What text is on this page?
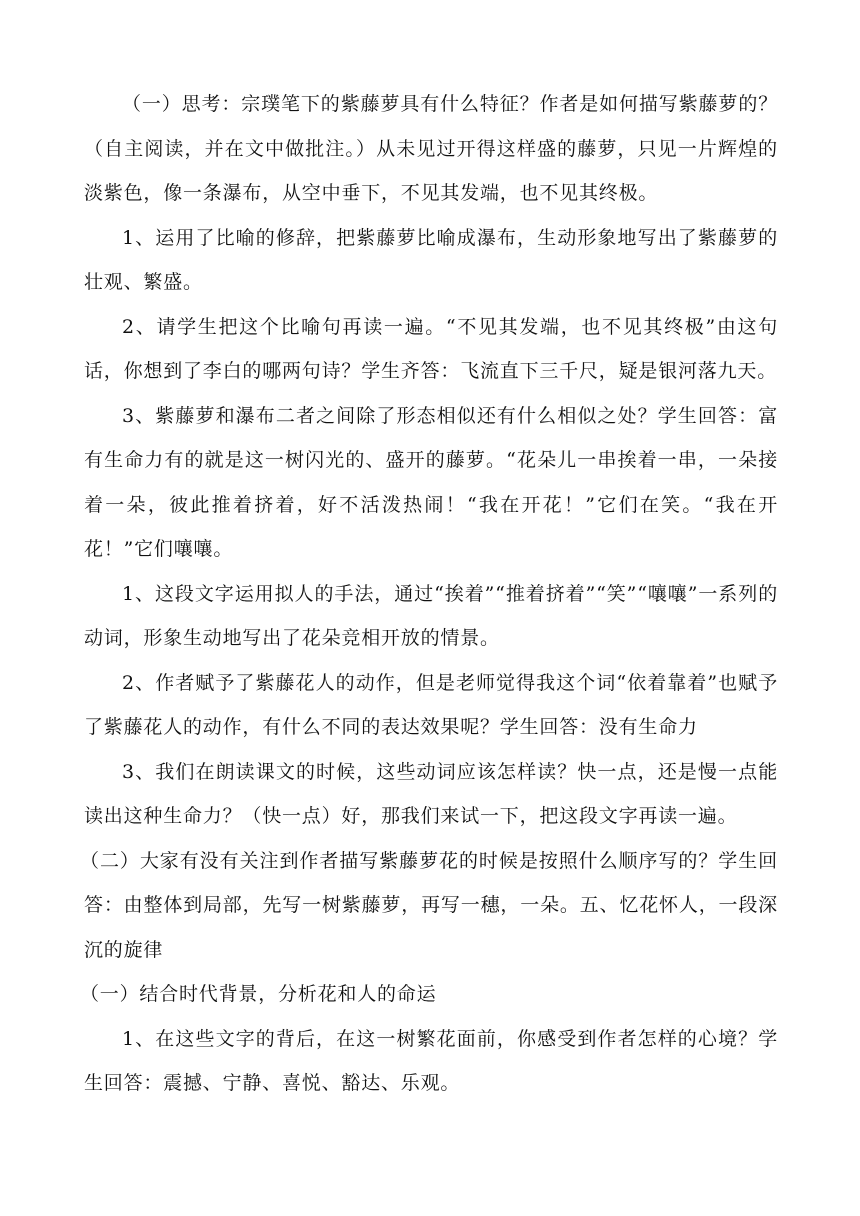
（一）思考：宗璞笔下的紫藤萝具有什么特征？作者是如何描写紫藤萝的？（自主阅读，并在文中做批注。）从未见过开得这样盛的藤萝，只见一片辉煌的淡紫色，像一条瀑布，从空中垂下，不见其发端，也不见其终极。

1、运用了比喻的修辞，把紫藤萝比喻成瀑布，生动形象地写出了紫藤萝的壮观、繁盛。

2、请学生把这个比喻句再读一遍。“不见其发端，也不见其终极”由这句话，你想到了李白的哪两句诗？学生齐答：飞流直下三千尺，疑是银河落九天。

3、紫藤萝和瀑布二者之间除了形态相似还有什么相似之处？学生回答：富有生命力有的就是这一树闪光的、盛开的藤萝。“花朵儿一串挨着一串，一朵接着一朵，彼此推着挤着，好不活泼热闹！“我在开花！”它们在笑。“我在开花！”它们嚷嚷。

1、这段文字运用拟人的手法，通过“挨着”“推着挤着”“笑”“嚷嚷”一系列的动词，形象生动地写出了花朵竞相开放的情景。

2、作者赋予了紫藤花人的动作，但是老师觉得我这个词“依着靠着”也赋予了紫藤花人的动作，有什么不同的表达效果呢？学生回答：没有生命力

3、我们在朗读课文的时候，这些动词应该怎样读？快一点，还是慢一点能读出这种生命力？（快一点）好，那我们来试一下，把这段文字再读一遍。

（二）大家有没有关注到作者描写紫藤萝花的时候是按照什么顺序写的？学生回答：由整体到局部，先写一树紫藤萝，再写一穗，一朵。五、忆花怀人，一段深沉的旋律

（一）结合时代背景，分析花和人的命运

1、在这些文字的背后，在这一树繁花面前，你感受到作者怎样的心境？学生回答：震撼、宁静、喜悦、豁达、乐观。
